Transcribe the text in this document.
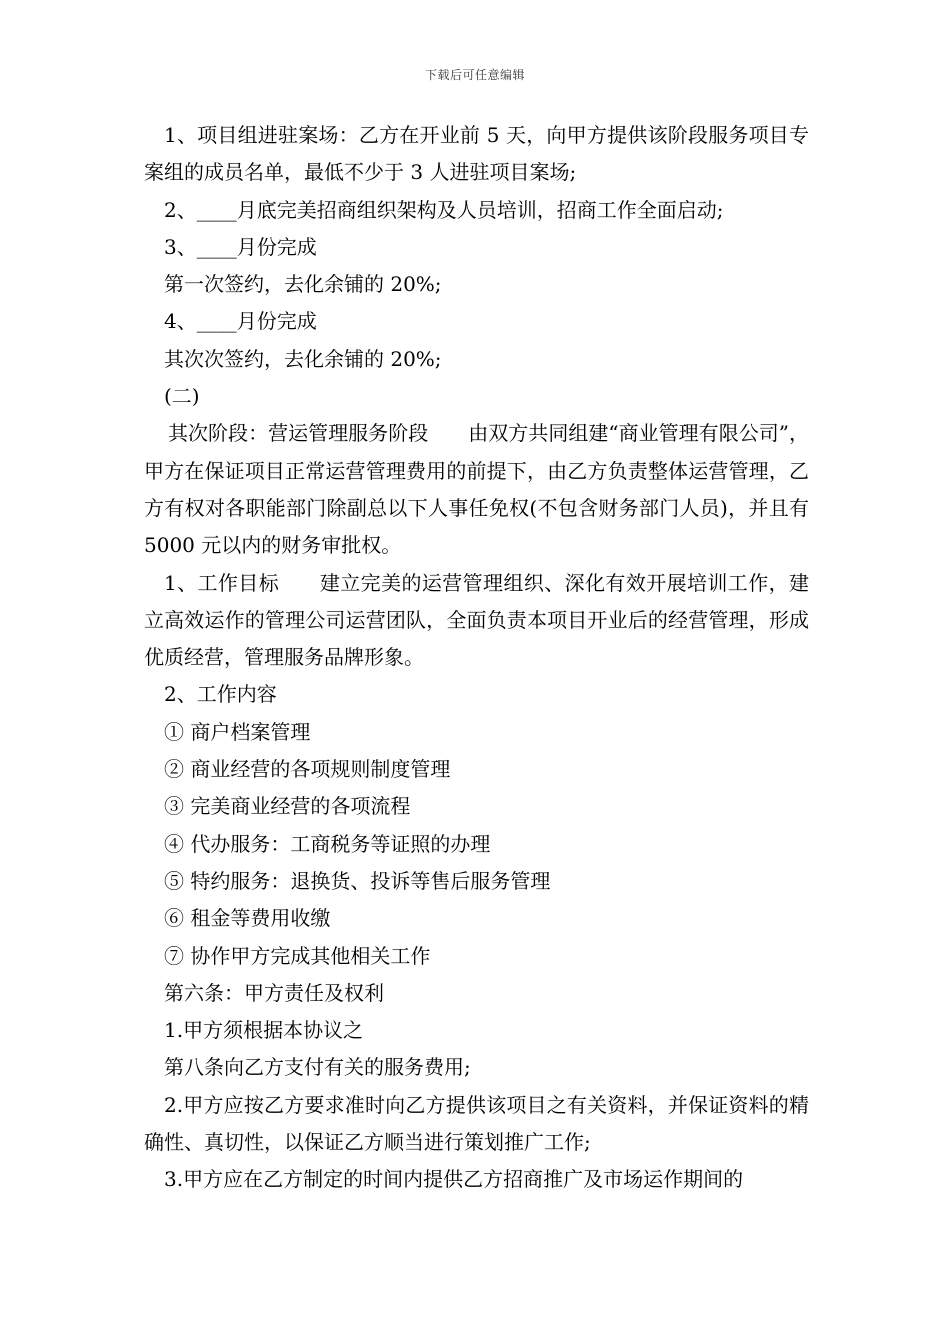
下载后可任意编辑

1、项目组进驻案场：乙方在开业前 5 天，向甲方提供该阶段服务项目专案组的成员名单，最低不少于 3 人进驻项目案场;

2、____月底完美招商组织架构及人员培训，招商工作全面启动;

3、____月份完成

第一次签约，去化余铺的 20%;

4、____月份完成

其次次签约，去化余铺的 20%;

(二)

其次阶段：营运管理服务阶段　　由双方共同组建“商业管理有限公司”，甲方在保证项目正常运营管理费用的前提下，由乙方负责整体运营管理，乙方有权对各职能部门除副总以下人事任免权(不包含财务部门人员)，并且有 5000 元以内的财务审批权。

1、工作目标　　建立完美的运营管理组织、深化有效开展培训工作，建立高效运作的管理公司运营团队，全面负责本项目开业后的经营管理，形成优质经营，管理服务品牌形象。

2、工作内容

① 商户档案管理

② 商业经营的各项规则制度管理

③ 完美商业经营的各项流程

④ 代办服务：工商税务等证照的办理

⑤ 特约服务：退换货、投诉等售后服务管理

⑥ 租金等费用收缴

⑦ 协作甲方完成其他相关工作

第六条：甲方责任及权利

1.甲方须根据本协议之

第八条向乙方支付有关的服务费用;

2.甲方应按乙方要求准时向乙方提供该项目之有关资料，并保证资料的精确性、真切性，以保证乙方顺当进行策划推广工作;

3.甲方应在乙方制定的时间内提供乙方招商推广及市场运作期间的
